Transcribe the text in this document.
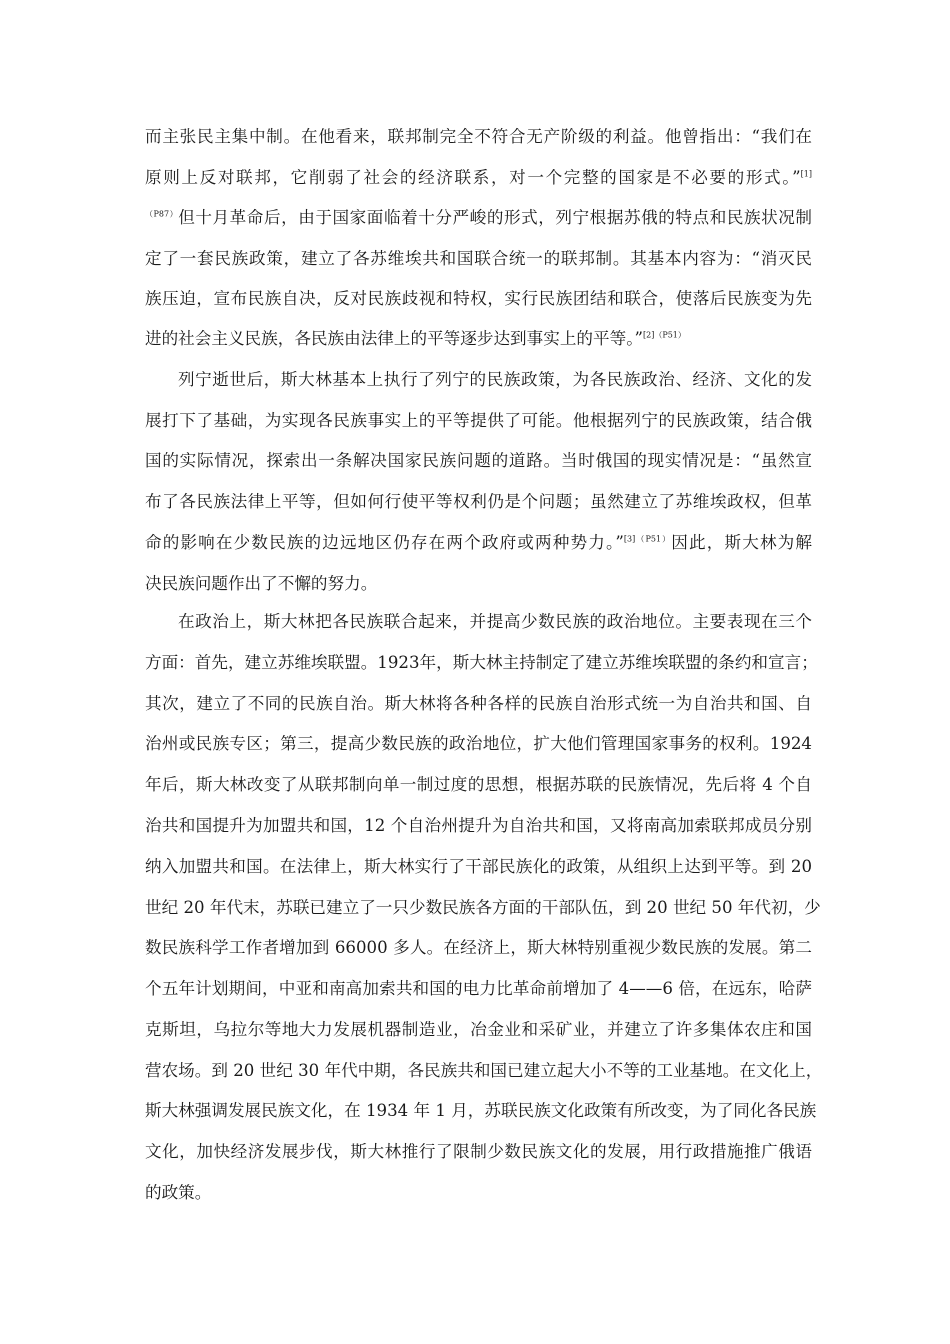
而主张民主集中制。在他看来，联邦制完全不符合无产阶级的利益。他曾指出：“我们在
原则上反对联邦，它削弱了社会的经济联系，对一个完整的国家是不必要的形式。”[1]
$^{(P87)}$但十月革命后，由于国家面临着十分严峻的形式，列宁根据苏俄的特点和民族状况制
定了一套民族政策，建立了各苏维埃共和国联合统一的联邦制。其基本内容为：“消灭民
族压迫，宣布民族自决，反对民族歧视和特权，实行民族团结和联合，使落后民族变为先
进的社会主义民族，各民族由法律上的平等逐步达到事实上的平等。”$^{[2](P51)}$
列宁逝世后，斯大林基本上执行了列宁的民族政策，为各民族政治、经济、文化的发
展打下了基础，为实现各民族事实上的平等提供了可能。他根据列宁的民族政策，结合俄
国的实际情况，探索出一条解决国家民族问题的道路。当时俄国的现实情况是：“虽然宣
布了各民族法律上平等，但如何行使平等权利仍是个问题；虽然建立了苏维埃政权，但革
命的影响在少数民族的边远地区仍存在两个政府或两种势力。”$^{[3](P51)}$因此，斯大林为解
决民族问题作出了不懈的努力。
在政治上，斯大林把各民族联合起来，并提高少数民族的政治地位。主要表现在三个
方面：首先，建立苏维埃联盟。1923年，斯大林主持制定了建立苏维埃联盟的条约和宣言；
其次，建立了不同的民族自治。斯大林将各种各样的民族自治形式统一为自治共和国、自
治州或民族专区；第三，提高少数民族的政治地位，扩大他们管理国家事务的权利。1924
年后，斯大林改变了从联邦制向单一制过度的思想，根据苏联的民族情况，先后将 4 个自
治共和国提升为加盟共和国，12 个自治州提升为自治共和国，又将南高加索联邦成员分别
纳入加盟共和国。在法律上，斯大林实行了干部民族化的政策，从组织上达到平等。到 20
世纪 20 年代末，苏联已建立了一只少数民族各方面的干部队伍，到 20 世纪 50 年代初，少
数民族科学工作者增加到 66000 多人。在经济上，斯大林特别重视少数民族的发展。第二
个五年计划期间，中亚和南高加索共和国的电力比革命前增加了 4——6 倍，在远东，哈萨
克斯坦，乌拉尔等地大力发展机器制造业，冶金业和采矿业，并建立了许多集体农庄和国
营农场。到 20 世纪 30 年代中期，各民族共和国已建立起大小不等的工业基地。在文化上，
斯大林强调发展民族文化，在 1934 年 1 月，苏联民族文化政策有所改变，为了同化各民族
文化，加快经济发展步伐，斯大林推行了限制少数民族文化的发展，用行政措施推广俄语
的政策。
